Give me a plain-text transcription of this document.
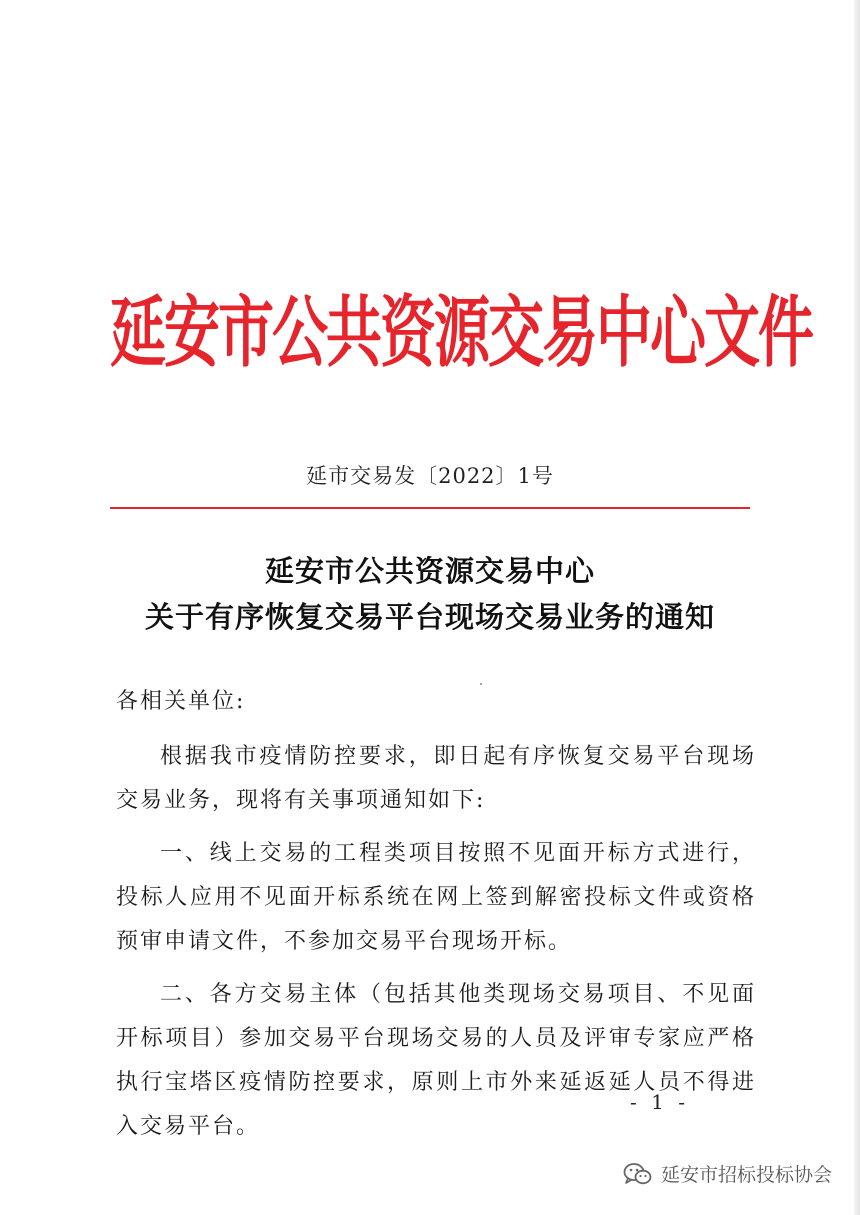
延安市公共资源交易中心文件
延市交易发〔2022〕1号
延安市公共资源交易中心
关于有序恢复交易平台现场交易业务的通知

各相关单位:

根据我市疫情防控要求，即日起有序恢复交易平台现场交易业务，现将有关事项通知如下:

一、线上交易的工程类项目按照不见面开标方式进行，投标人应用不见面开标系统在网上签到解密投标文件或资格预审申请文件，不参加交易平台现场开标。

二、各方交易主体（包括其他类现场交易项目、不见面开标项目）参加交易平台现场交易的人员及评审专家应严格执行宝塔区疫情防控要求，原则上市外来延返延人员不得进入交易平台。

- 1 -
延安市招标投标协会
